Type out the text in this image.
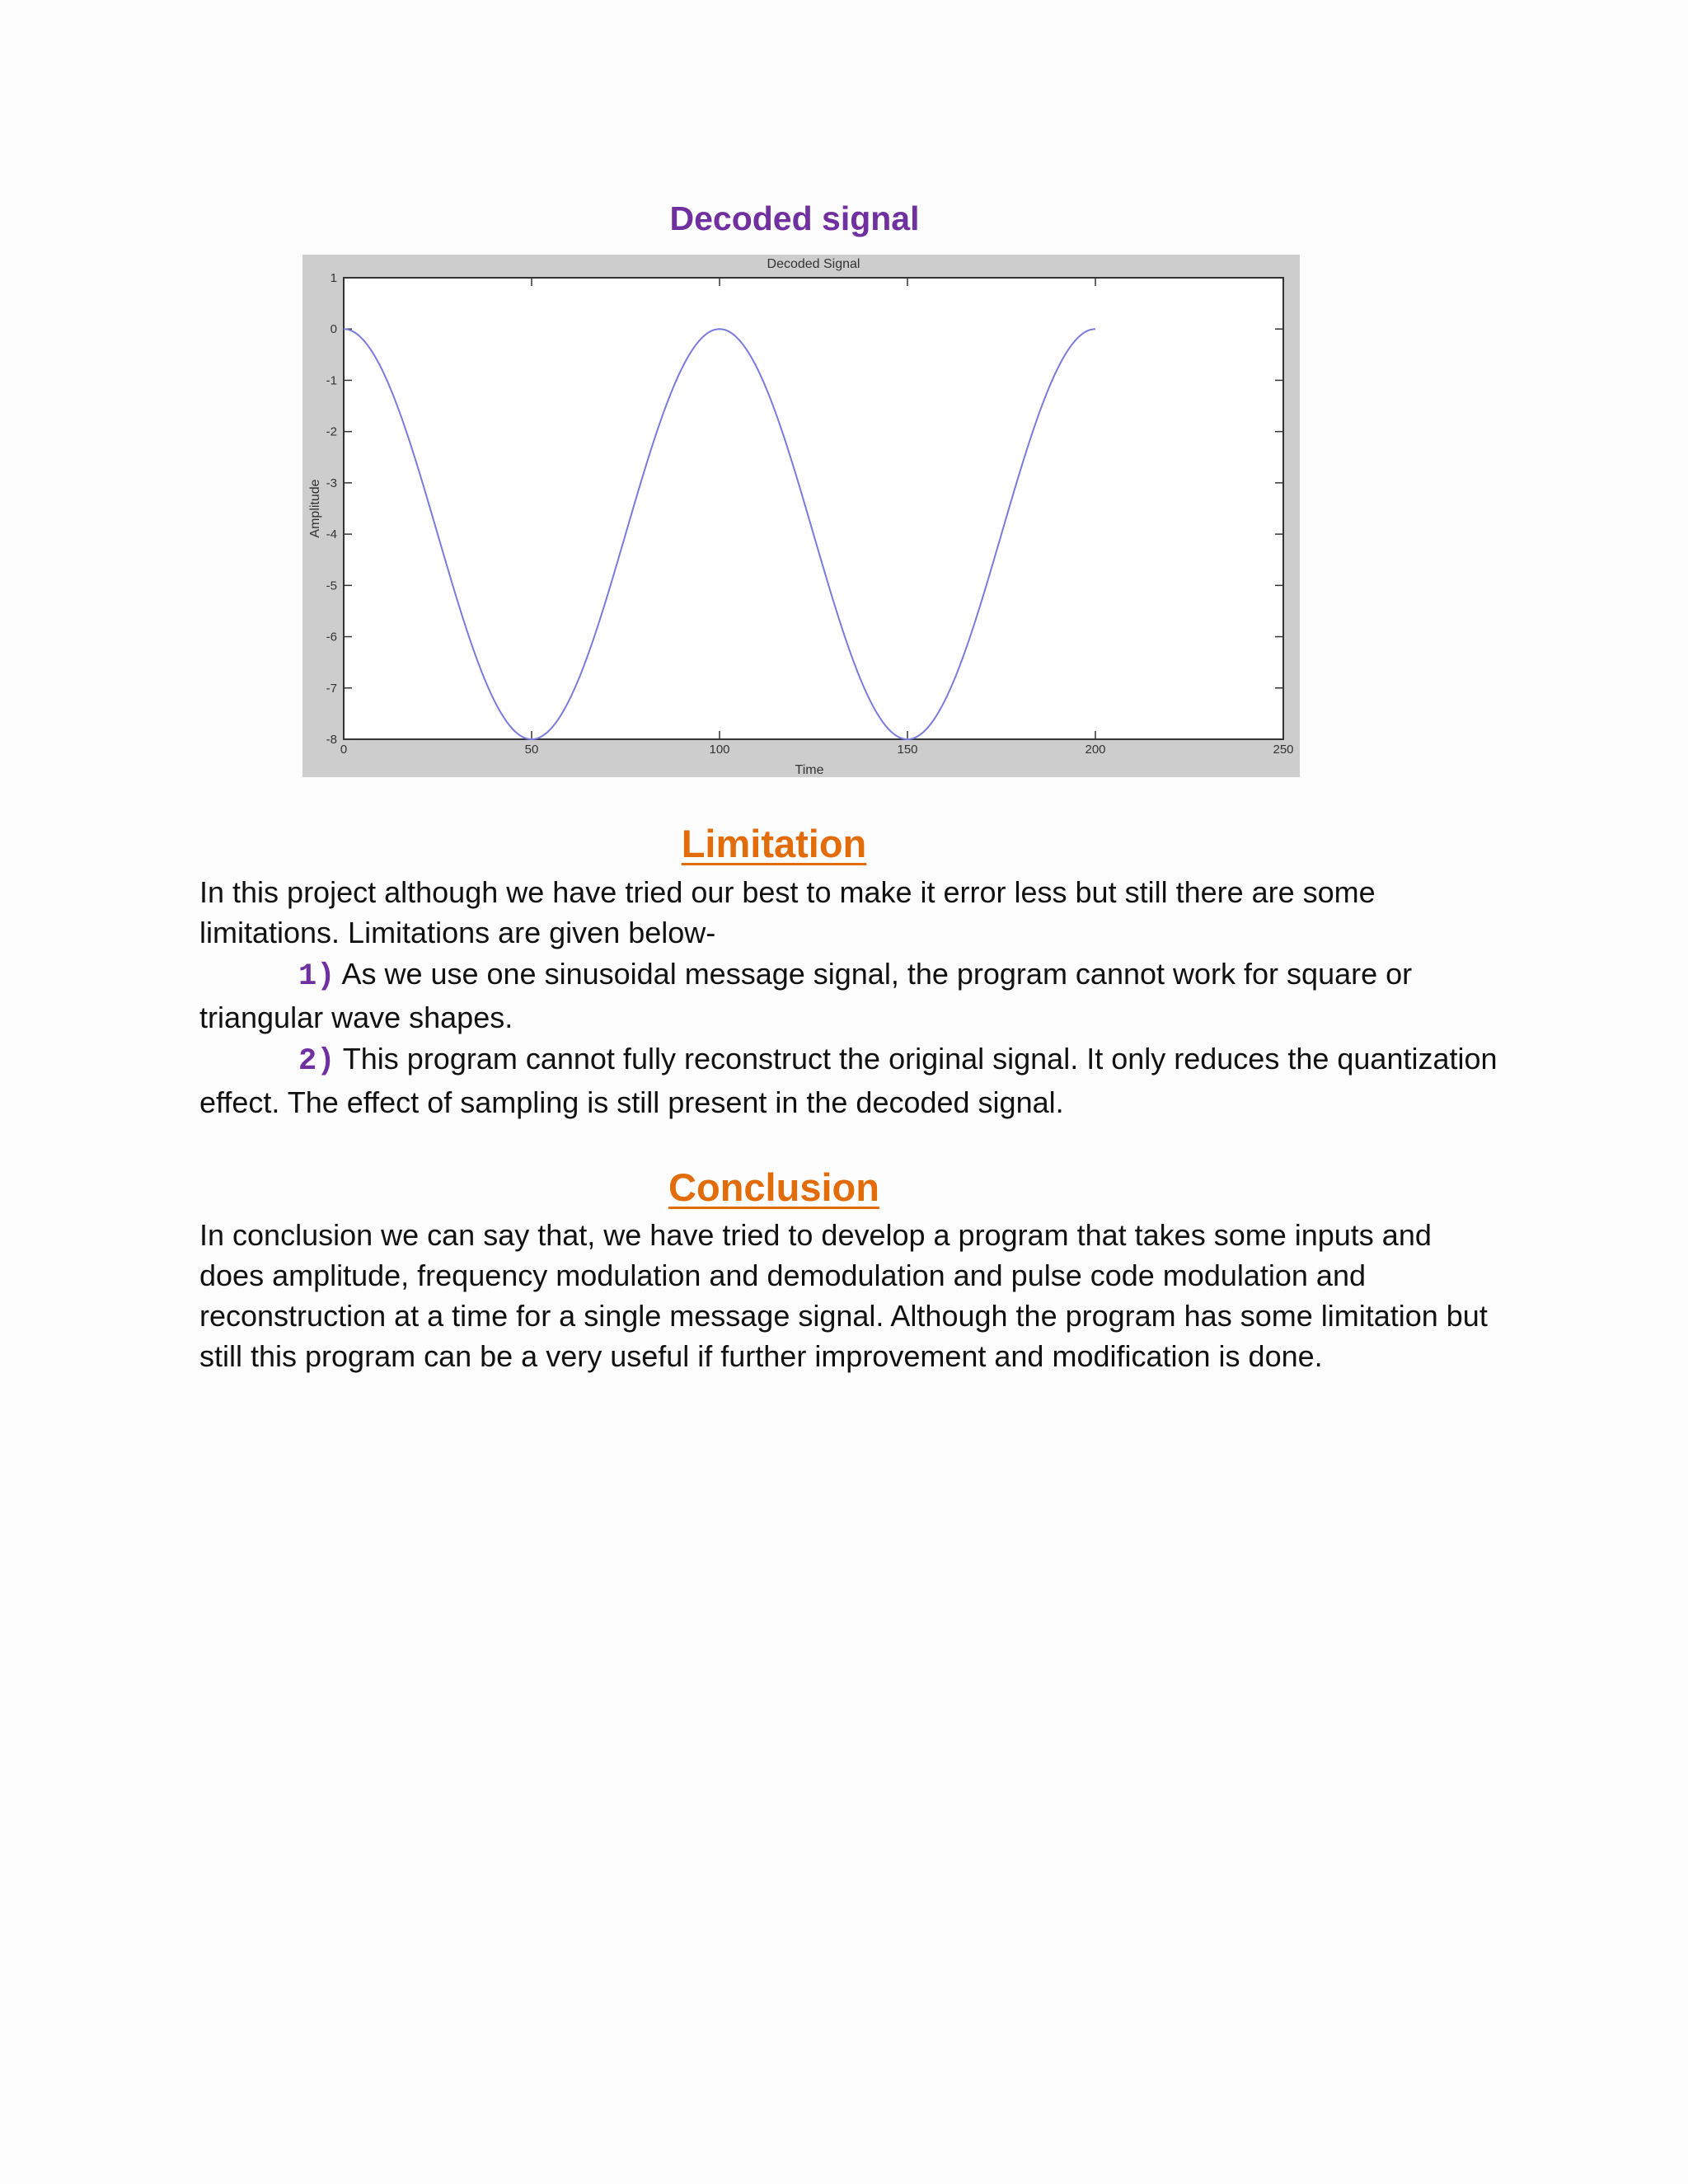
Decoded signal
Decoded Signal
Time
Amplitude
0	50	100	150	200	250
1
0
-1
-2
-3
-4
-5
-6
-7
-8
Limitation

In this project although we have tried our best to make it error less but still there are some limitations. Limitations are given below-

1) As we use one sinusoidal message signal, the program cannot work for square or triangular wave shapes.

2) This program cannot fully reconstruct the original signal. It only reduces the quantization effect. The effect of sampling is still present in the decoded signal.

Conclusion

In conclusion we can say that, we have tried to develop a program that takes some inputs and does amplitude, frequency modulation and demodulation and pulse code modulation and reconstruction at a time for a single message signal. Although the program has some limitation but still this program can be a very useful if further improvement and modification is done.
